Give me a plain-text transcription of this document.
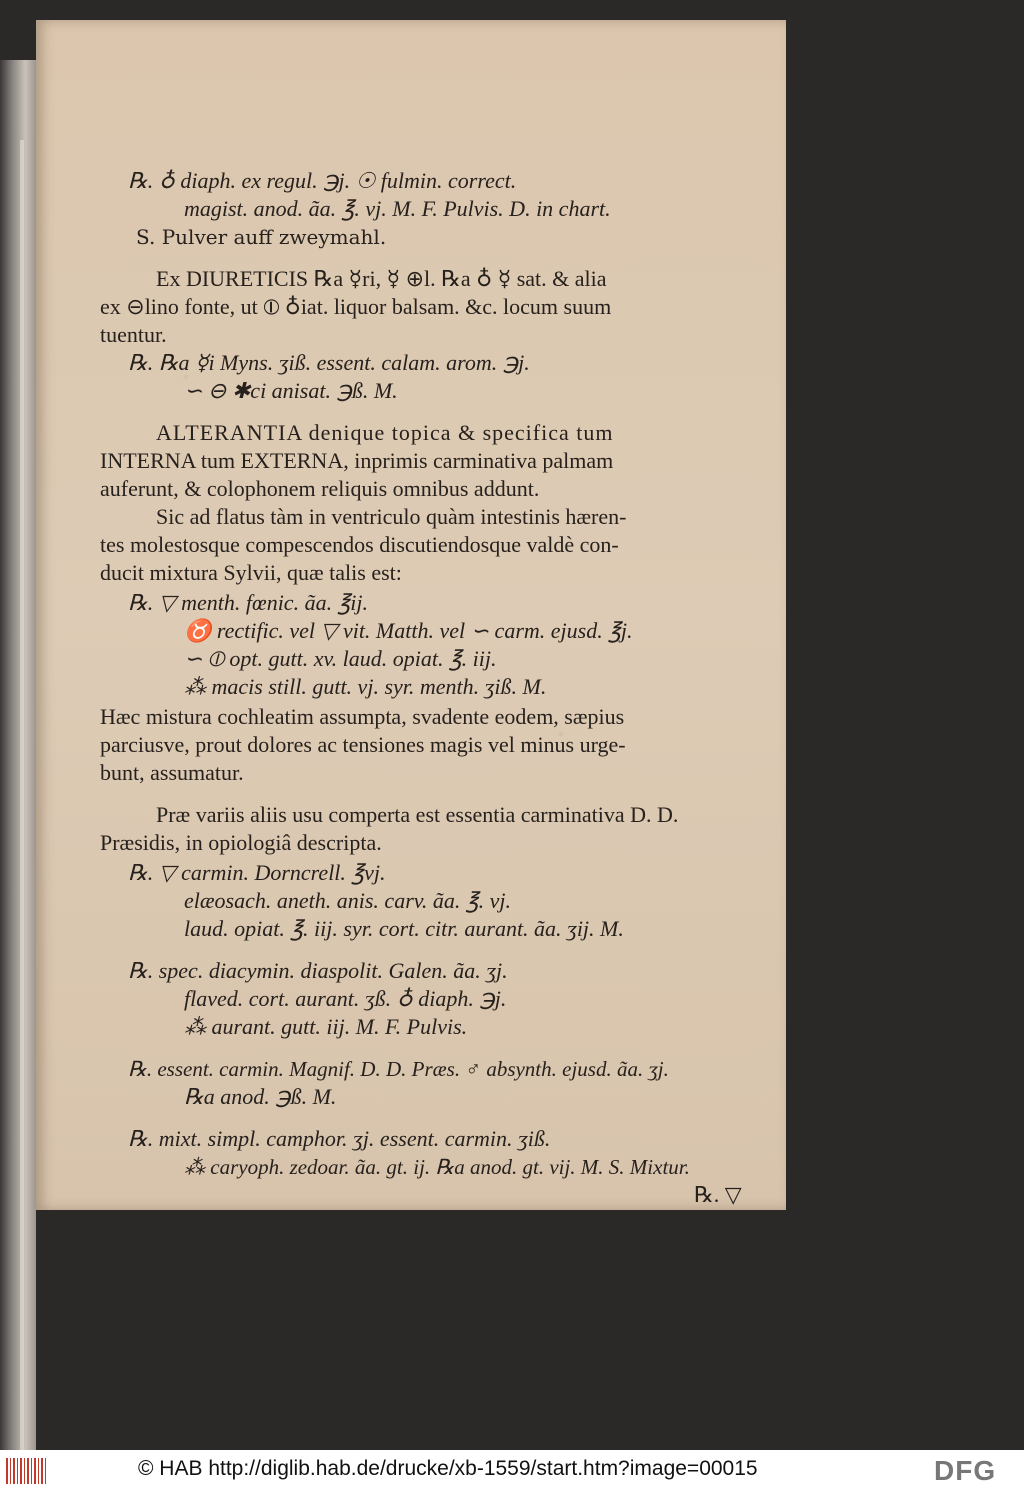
℞. ♁ diaph. ex regul. ℈j. ☉ fulmin. correct.
magist. anod. ãa. ℥. vj. M. F. Pulvis. D. in chart.
S. Pulver auff zweymahl.
Ex DIURETICIS ℞a ☿ri, ☿ ⊕l. ℞a ♁ ☿ sat. & alia
ex ⊖lino fonte, ut ⦶ ♁iat. liquor balsam. &c. locum suum
tuentur.
℞. ℞a ☿i Myns. ʒiß. essent. calam. arom. ℈j.
∽ ⊖ ✱ci anisat. ℈ß. M.
ALTERANTIA denique topica & specifica tum
INTERNA tum EXTERNA, inprimis carminativa palmam
auferunt, & colophonem reliquis omnibus addunt.
Sic ad flatus tàm in ventriculo quàm intestinis hæren-
tes molestosque compescendos discutiendosque valdè con-
ducit mixtura Sylvii, quæ talis est:
℞. ▽ menth. fœnic. ãa. ℥ij.
♉ rectific. vel ▽ vit. Matth. vel ∽ carm. ejusd. ℥j.
∽ ⦶ opt. gutt. xv. laud. opiat. ℥. iij.
⁂ macis still. gutt. vj. syr. menth. ʒiß. M.
Hæc mistura cochleatim assumpta, svadente eodem, sæpius
parciusve, prout dolores ac tensiones magis vel minus urge-
bunt, assumatur.
Præ variis aliis usu comperta est essentia carminativa D. D.
Præsidis, in opiologiâ descripta.
℞. ▽ carmin. Dorncrell. ℥vj.
elæosach. aneth. anis. carv. ãa. ℥. vj.
laud. opiat. ℥. iij. syr. cort. citr. aurant. ãa. ʒij. M.
℞. spec. diacymin. diaspolit. Galen. ãa. ʒj.
flaved. cort. aurant. ʒß. ♁ diaph. ℈j.
⁂ aurant. gutt. iij. M. F. Pulvis.
℞. essent. carmin. Magnif. D. D. Præs. ♂ absynth. ejusd. ãa. ʒj.
℞a anod. ℈ß. M.
℞. mixt. simpl. camphor. ʒj. essent. carmin. ʒiß.
⁂ caryoph. zedoar. ãa. gt. ij. ℞a anod. gt. vij. M. S. Mixtur.
℞. ▽
© HAB http://diglib.hab.de/drucke/xb-1559/start.htm?image=00015	DFG
